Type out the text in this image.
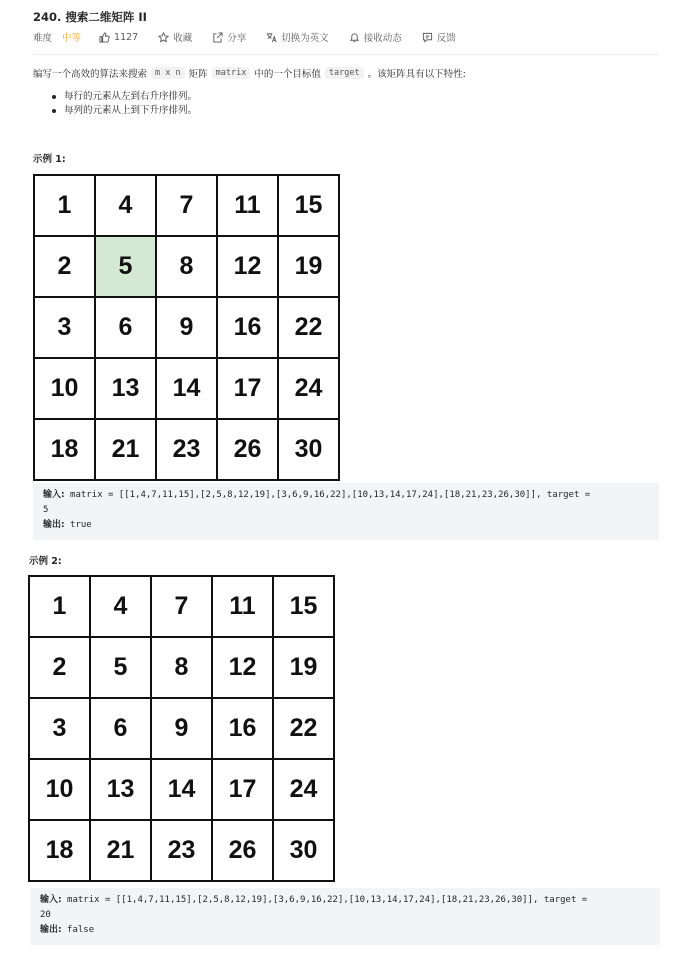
240. 搜索二维矩阵 II
难度 中等	1127	收藏	分享	切换为英文	接收动态	反馈
编写一个高效的算法来搜索 m x n 矩阵 matrix 中的一个目标值 target 。该矩阵具有以下特性:
每行的元素从左到右升序排列。
每列的元素从上到下升序排列。
示例 1:
1	4	7	11	15
2	5	8	12	19
3	6	9	16	22
10	13	14	17	24
18	21	23	26	30
输入: matrix = [[1,4,7,11,15],[2,5,8,12,19],[3,6,9,16,22],[10,13,14,17,24],[18,21,23,26,30]], target =
5
输出: true
示例 2:
1	4	7	11	15
2	5	8	12	19
3	6	9	16	22
10	13	14	17	24
18	21	23	26	30
输入: matrix = [[1,4,7,11,15],[2,5,8,12,19],[3,6,9,16,22],[10,13,14,17,24],[18,21,23,26,30]], target =
20
输出: false
